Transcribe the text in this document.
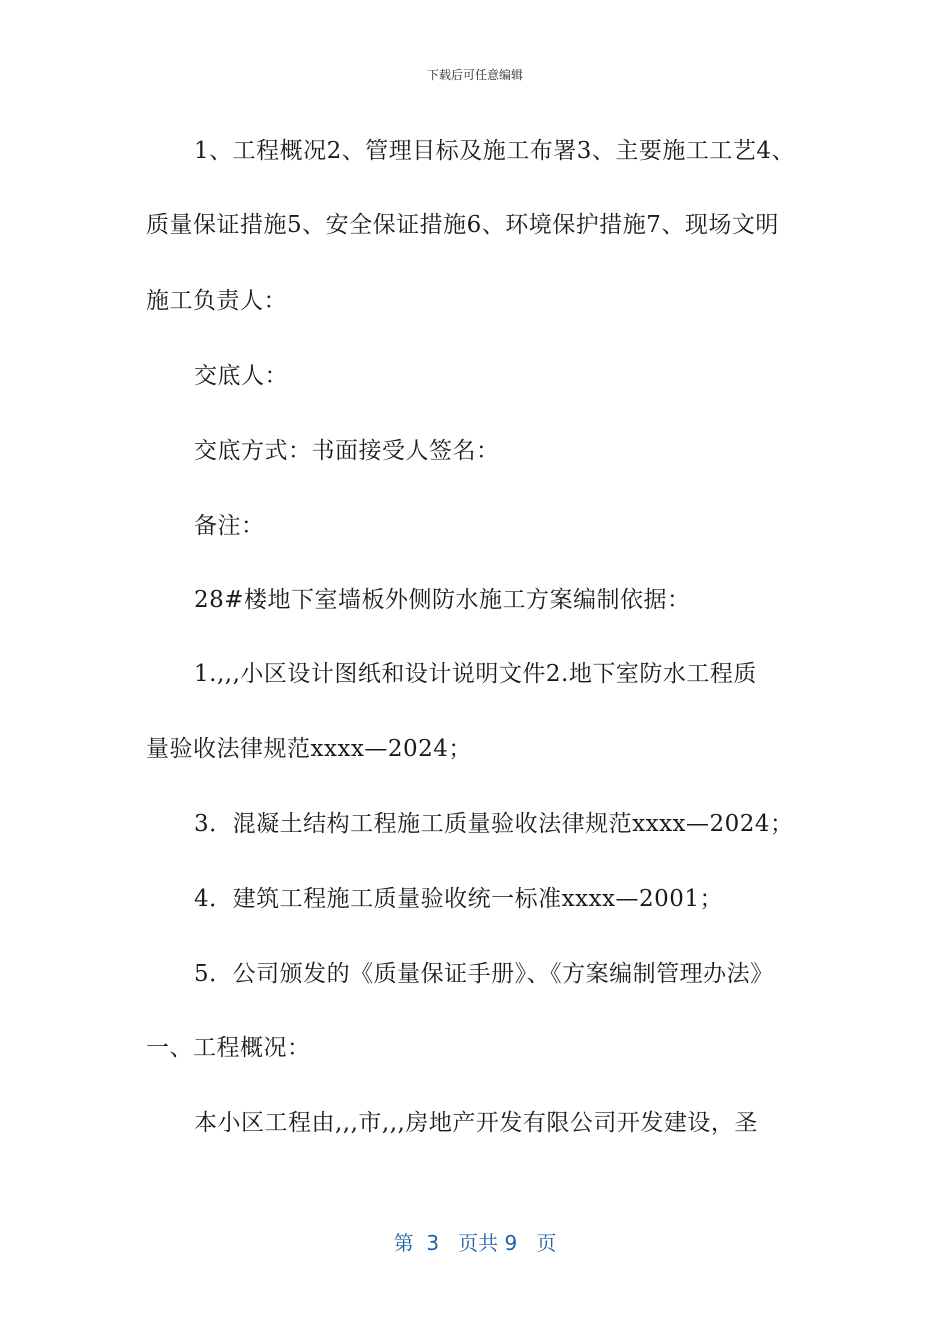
下载后可任意编辑
1、工程概况2、管理目标及施工布署3、主要施工工艺4、
质量保证措施5、安全保证措施6、环境保护措施7、现场文明
施工负责人：
交底人：
交底方式：书面接受人签名：
备注：
28#楼地下室墙板外侧防水施工方案编制依据：
1.,,,小区设计图纸和设计说明文件2.地下室防水工程质
量验收法律规范xxxx—2024；
3．混凝土结构工程施工质量验收法律规范xxxx—2024；
4．建筑工程施工质量验收统一标准xxxx—2001；
5．公司颁发的《质量保证手册》、《方案编制管理办法》
一、工程概况：
本小区工程由,,,市,,,房地产开发有限公司开发建设，圣
第  3   页共 9   页
